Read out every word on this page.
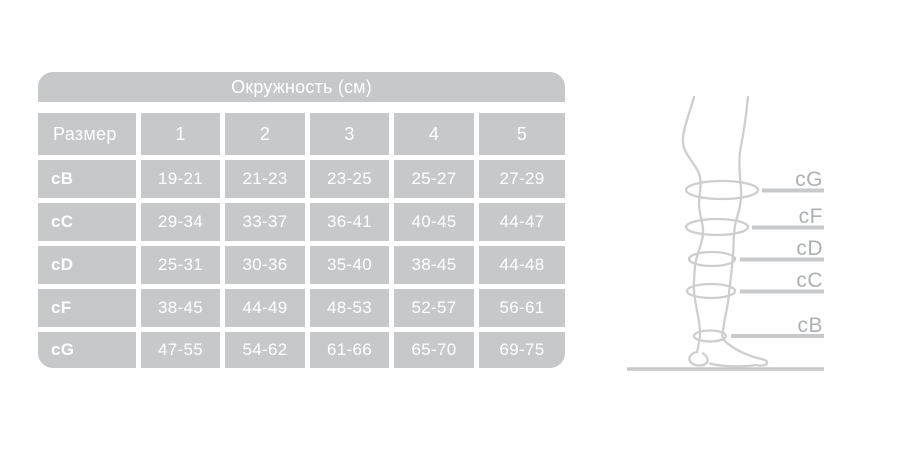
Окружность (см)
Размер	1	2	3	4	5
cB	19-21	21-23	23-25	25-27	27-29
cC	29-34	33-37	36-41	40-45	44-47
cD	25-31	30-36	35-40	38-45	44-48
cF	38-45	44-49	48-53	52-57	56-61
cG	47-55	54-62	61-66	65-70	69-75
cG
cF
cD
cC
cB
